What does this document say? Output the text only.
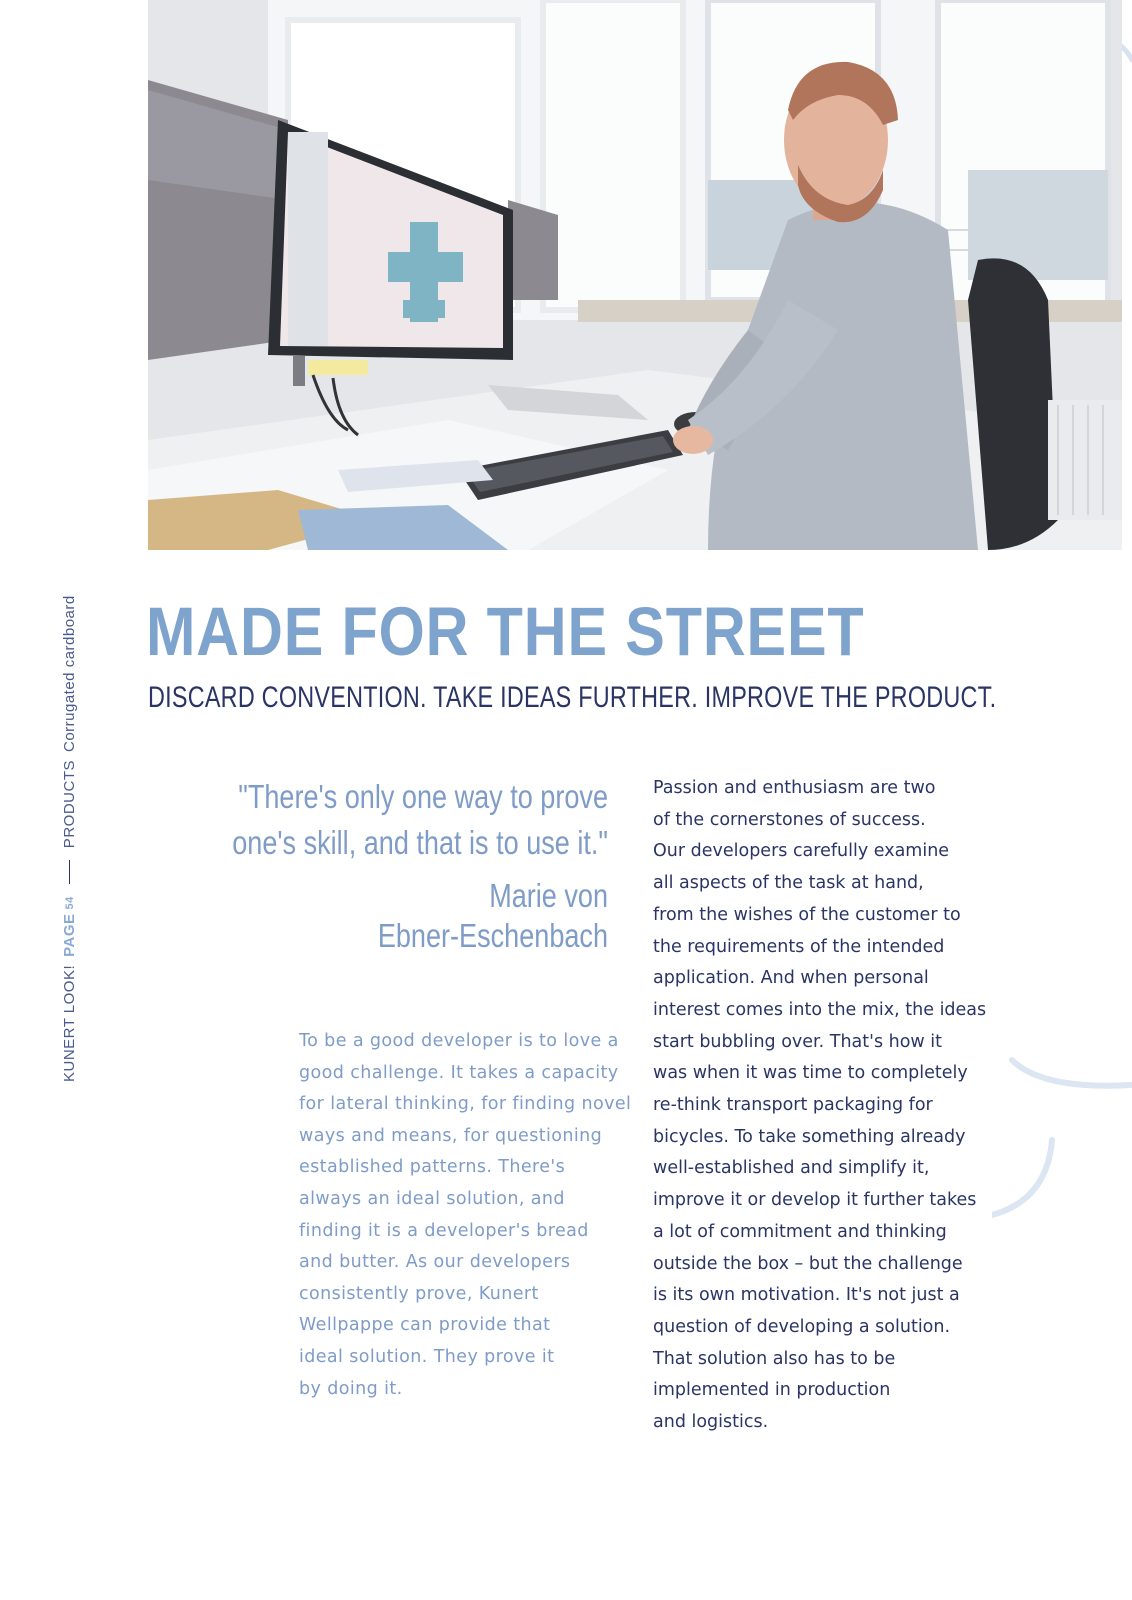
KUNERT LOOK!
PAGE
54
PRODUCTS
Corrugated cardboard MADE FOR THE STREET
DISCARD CONVENTION. TAKE IDEAS FURTHER. IMPROVE THE PRODUCT.
"There's only one way to prove
one's skill, and that is to use it."
Marie von
Ebner-Eschenbach
To be a good developer is to love a
good challenge. It takes a capacity
for lateral thinking, for finding novel
ways and means, for questioning
established patterns. There's
always an ideal solution, and
finding it is a developer's bread
and butter. As our developers
consistently prove, Kunert
Wellpappe can provide that
ideal solution. They prove it
by doing it.
Passion and enthusiasm are two
of the cornerstones of success.
Our developers carefully examine
all aspects of the task at hand,
from the wishes of the customer to
the requirements of the intended
application. And when personal
interest comes into the mix, the ideas
start bubbling over. That's how it
was when it was time to completely
re-think transport packaging for
bicycles. To take something already
well-established and simplify it,
improve it or develop it further takes
a lot of commitment and thinking
outside the box – but the challenge
is its own motivation. It's not just a
question of developing a solution.
That solution also has to be
implemented in production
and logistics.
